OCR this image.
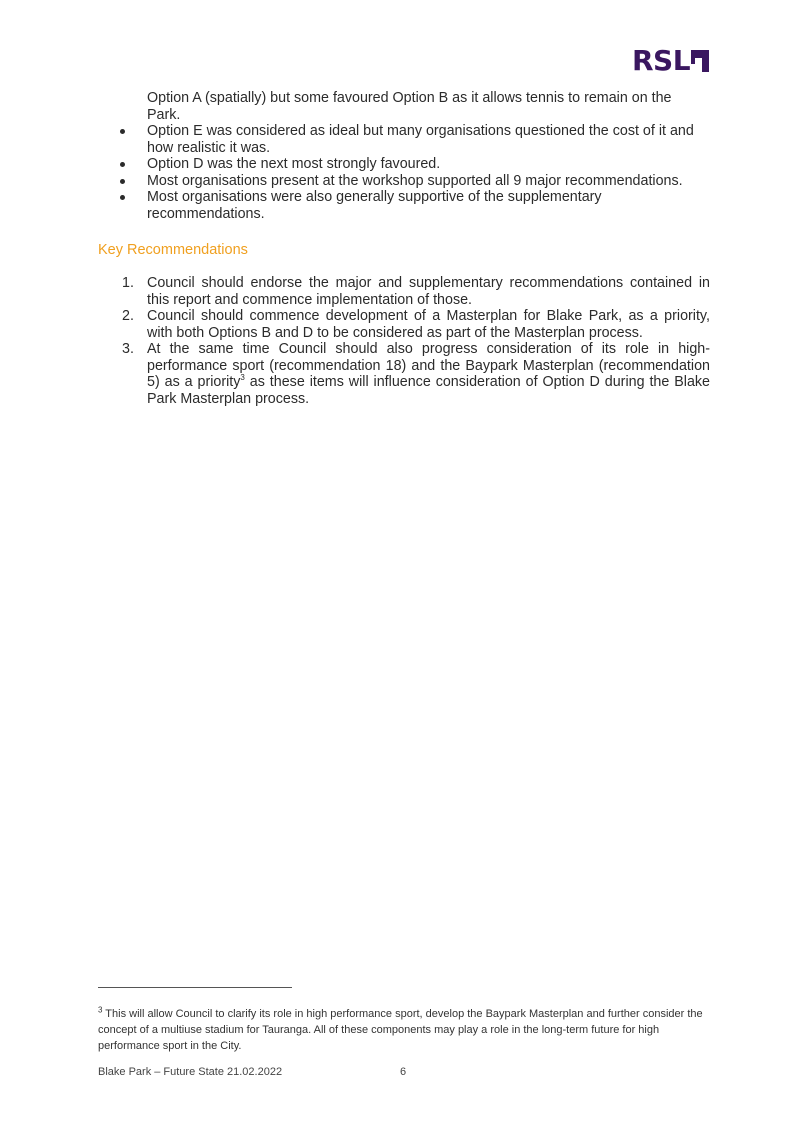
RSL
Option A (spatially) but some favoured Option B as it allows tennis to remain on the
Park.
Option E was considered as ideal but many organisations questioned the cost of it and how realistic it was.
Option D was the next most strongly favoured.
Most organisations present at the workshop supported all 9 major recommendations.
Most organisations were also generally supportive of the supplementary recommendations.
Key Recommendations
1. Council should endorse the major and supplementary recommendations contained in this report and commence implementation of those.
2. Council should commence development of a Masterplan for Blake Park, as a priority, with both Options B and D to be considered as part of the Masterplan process.
3. At the same time Council should also progress consideration of its role in high-performance sport (recommendation 18) and the Baypark Masterplan (recommendation 5) as a priority$^3$ as these items will influence consideration of Option D during the Blake Park Masterplan process.
$^3$ This will allow Council to clarify its role in high performance sport, develop the Baypark Masterplan and further consider the concept of a multiuse stadium for Tauranga. All of these components may play a role in the long-term future for high performance sport in the City.
Blake Park – Future State 21.02.2022	6
